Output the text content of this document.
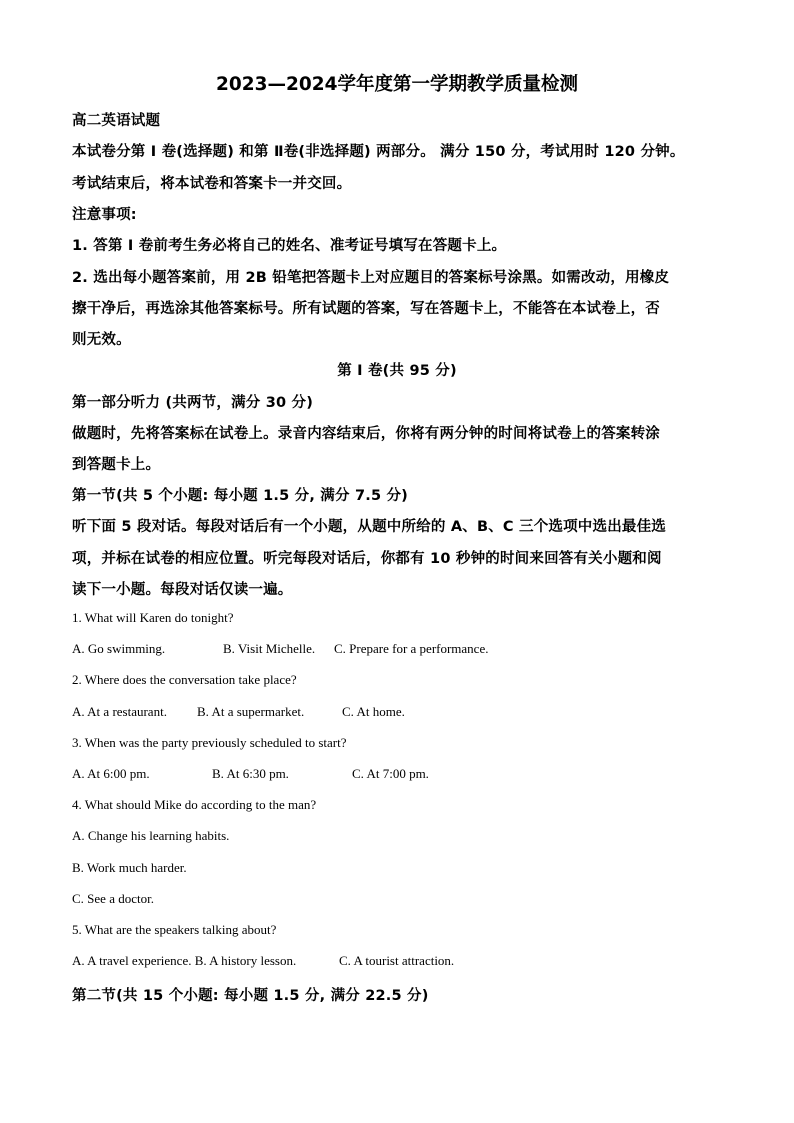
2023—2024学年度第一学期教学质量检测
高二英语试题
本试卷分第 I 卷(选择题) 和第 Ⅱ卷(非选择题) 两部分。 满分 150 分，考试用时 120 分钟。
考试结束后，将本试卷和答案卡一并交回。
注意事项:
1. 答第 I 卷前考生务必将自己的姓名、准考证号填写在答题卡上。
2. 选出每小题答案前，用 2B 铅笔把答题卡上对应题目的答案标号涂黑。如需改动，用橡皮
擦干净后，再选涂其他答案标号。所有试题的答案，写在答题卡上，不能答在本试卷上，否
则无效。
第 I 卷(共 95 分)
第一部分听力 (共两节，满分 30 分)
做题时，先将答案标在试卷上。录音内容结束后，你将有两分钟的时间将试卷上的答案转涂
到答题卡上。
第一节(共 5 个小题: 每小题 1.5 分, 满分 7.5 分)
听下面 5 段对话。每段对话后有一个小题，从题中所给的 A、B、C 三个选项中选出最佳选
项，并标在试卷的相应位置。听完每段对话后，你都有 10 秒钟的时间来回答有关小题和阅
读下一小题。每段对话仅读一遍。
1. What will Karen do tonight?
A. Go swimming.	B. Visit Michelle. C. Prepare for a performance.
2. Where does the conversation take place?
A. At a restaurant. B. At a supermarket.	C. At home.
3. When was the party previously scheduled to start?
A. At 6:00 pm.	B. At 6:30 pm.	C. At 7:00 pm.
4. What should Mike do according to the man?
A. Change his learning habits.
B. Work much harder.
C. See a doctor.
5. What are the speakers talking about?
A. A travel experience. B. A history lesson.	C. A tourist attraction.
第二节(共 15 个小题: 每小题 1.5 分, 满分 22.5 分)
